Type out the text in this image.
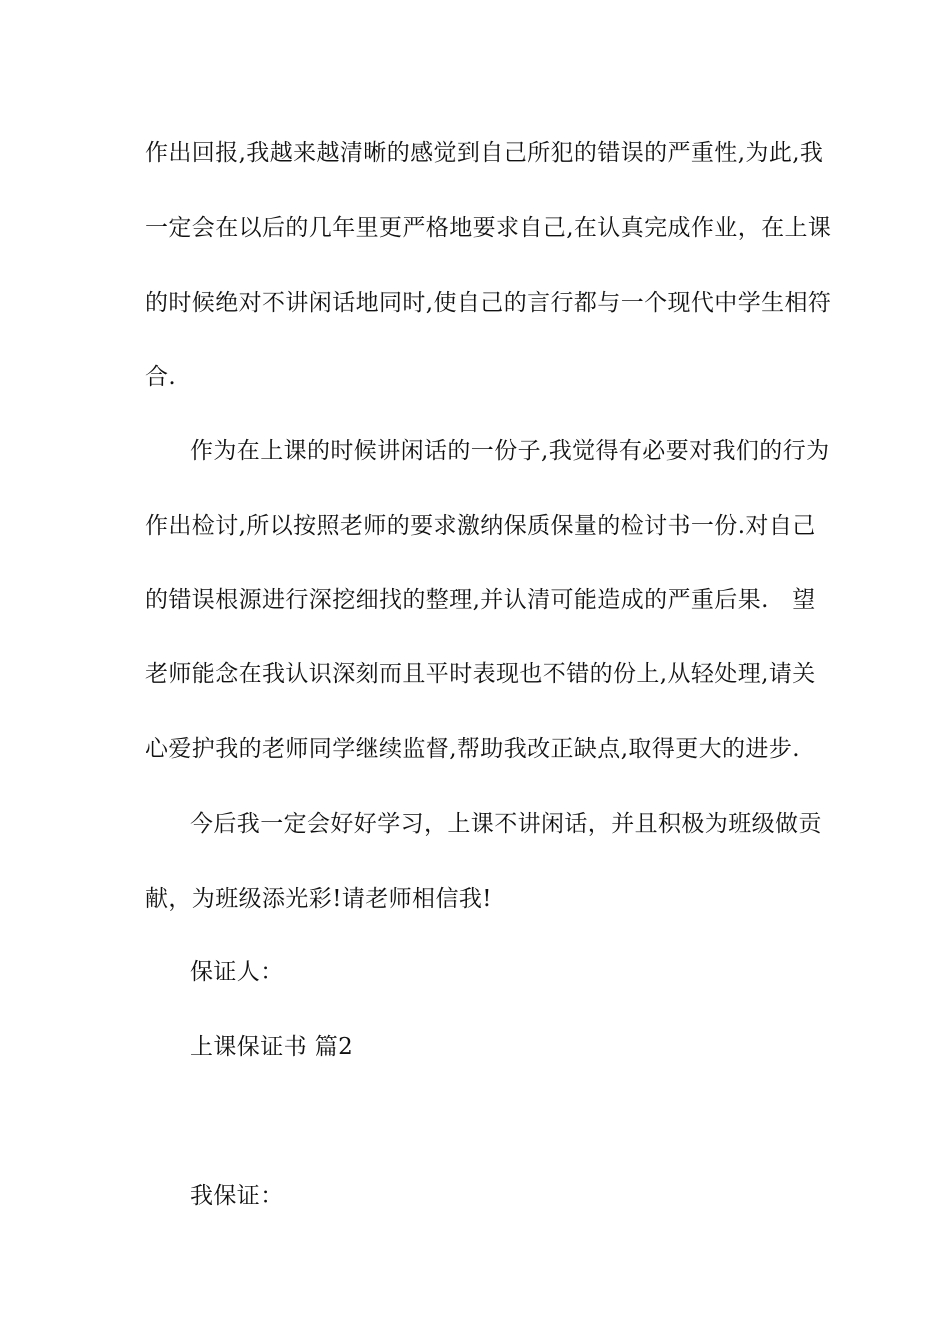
作出回报,我越来越清晰的感觉到自己所犯的错误的严重性,为此,我
一定会在以后的几年里更严格地要求自己,在认真完成作业，在上课
的时候绝对不讲闲话地同时,使自己的言行都与一个现代中学生相符
合.
作为在上课的时候讲闲话的一份子,我觉得有必要对我们的行为
作出检讨,所以按照老师的要求激纳保质保量的检讨书一份.对自己
的错误根源进行深挖细找的整理,并认清可能造成的严重后果.　望
老师能念在我认识深刻而且平时表现也不错的份上,从轻处理,请关
心爱护我的老师同学继续监督,帮助我改正缺点,取得更大的进步.
今后我一定会好好学习，上课不讲闲话，并且积极为班级做贡
献，为班级添光彩!请老师相信我!
保证人：
上课保证书 篇2
我保证：
